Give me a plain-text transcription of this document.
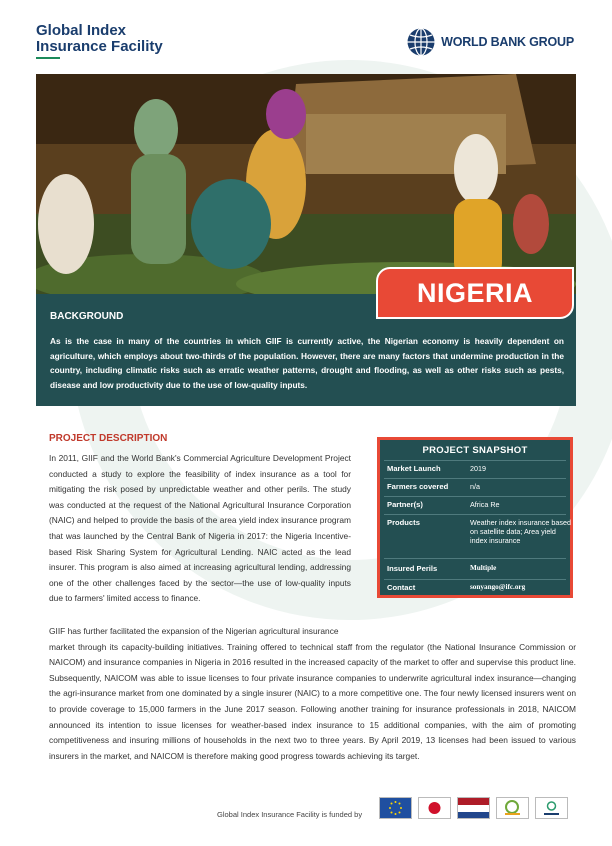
Global Index
Insurance Facility	WORLD BANK GROUP
NIGERIA
BACKGROUND
As is the case in many of the countries in which GIIF is currently active, the Nigerian economy is heavily dependent on agriculture, which employs about two-thirds of the population. However, there are many factors that undermine production in the country, including climatic risks such as erratic weather patterns, drought and flooding, as well as other risks such as pests, disease and low productivity due to the use of low-quality inputs.
PROJECT DESCRIPTION
In 2011, GIIF and the World Bank's Commercial Agriculture Development Project conducted a study to explore the feasibility of index insurance as a tool for mitigating the risk posed by unpredictable weather and other perils. The study was conducted at the request of the National Agricultural Insurance Corporation (NAIC) and helped to provide the basis of the area yield index insurance program that was launched by the Central Bank of Nigeria in 2017: the Nigeria Incentive-based Risk Sharing System for Agricultural Lending. NAIC acted as the lead insurer. This program is also aimed at increasing agricultural lending, addressing one of the other challenges faced by the sector—the use of low-quality inputs due to farmers' limited access to finance.

GIIF has further facilitated the expansion of the Nigerian agricultural insurance

market through its capacity-building initiatives. Training offered to technical staff from the regulator (the National Insurance Commission or NAICOM) and insurance companies in Nigeria in 2016 resulted in the increased capacity of the market to offer and supervise this product line. Subsequently, NAICOM was able to issue licenses to four private insurance companies to underwrite agricultural index insurance—changing the agri-insurance market from one dominated by a single insurer (NAIC) to a more competitive one. The four newly licensed insurers went on to provide coverage to 15,000 farmers in the June 2017 season. Following another training for insurance professionals in 2018, NAICOM announced its intention to issue licenses for weather-based index insurance to 15 additional companies, with the aim of promoting competitiveness and insuring millions of households in the next two to three years. By April 2019, 13 licenses had been issued to various insurers in the market, and NAICOM is therefore making good progress towards achieving its target.

PROJECT SNAPSHOT
Market Launch	2019
Farmers covered	n/a
Partner(s)	Africa Re
Products	Weather index insurance based on satellite data; Area yield index insurance
Insured Perils	Multiple
Contact	sonyango@ifc.org
Global Index Insurance Facility is funded by
